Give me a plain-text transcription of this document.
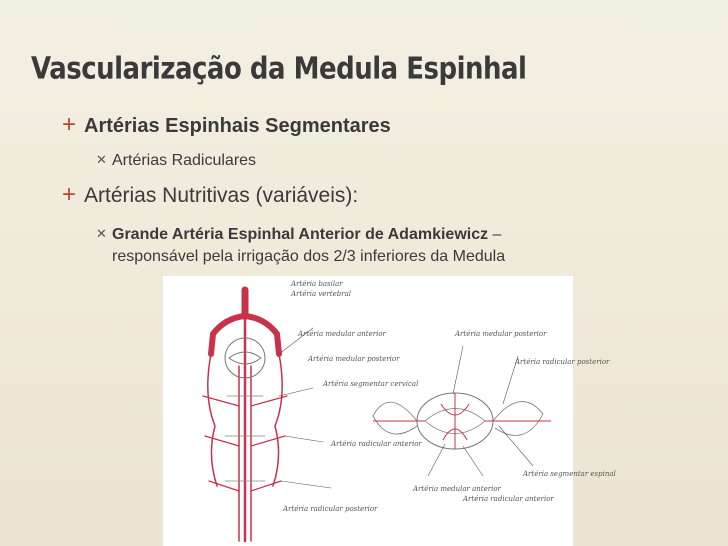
Vascularização da Medula Espinhal
+ Artérias Espinhais Segmentares
✕ Artérias Radiculares
+ Artérias Nutritivas (variáveis):
✕ Grande Artéria Espinhal Anterior de Adamkiewicz –
responsável pela irrigação dos 2/3 inferiores da Medula
Artéria basilar
Artéria vertebral
Artéria medular anterior
Artéria medular posterior
Artéria segmentar cervical
Artéria radicular anterior
Artéria radicular posterior
Artéria medular posterior
Artéria radicular posterior
Artéria medular anterior
Artéria radicular anterior
Artéria segmentar espinal
